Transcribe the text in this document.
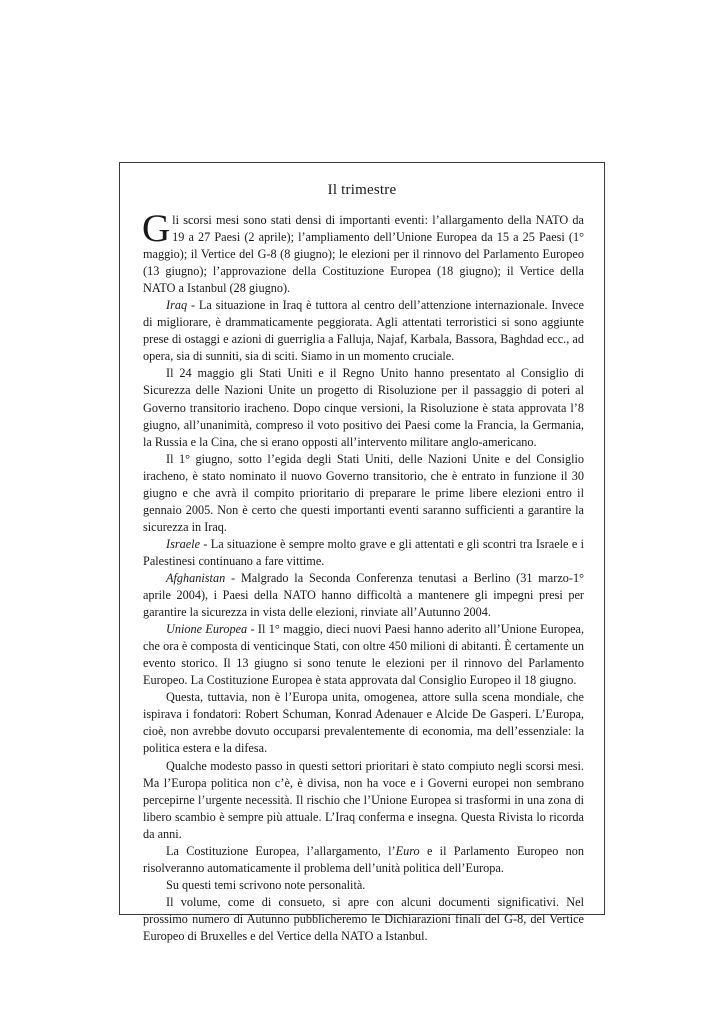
Il trimestre

Gli scorsi mesi sono stati densi di importanti eventi: l’allargamento della NATO da 19 a 27 Paesi (2 aprile); l’ampliamento dell’Unione Europea da 15 a 25 Paesi (1° maggio); il Vertice del G-8 (8 giugno); le elezioni per il rinnovo del Parlamento Europeo (13 giugno); l’approvazione della Costituzione Europea (18 giugno); il Vertice della NATO a Istanbul (28 giugno).

Iraq - La situazione in Iraq è tuttora al centro dell’attenzione internazionale. Invece di migliorare, è drammaticamente peggiorata. Agli attentati terroristici si sono aggiunte prese di ostaggi e azioni di guerriglia a Falluja, Najaf, Karbala, Bassora, Baghdad ecc., ad opera, sia di sunniti, sia di sciti. Siamo in un momento cruciale.

Il 24 maggio gli Stati Uniti e il Regno Unito hanno presentato al Consiglio di Sicurezza delle Nazioni Unite un progetto di Risoluzione per il passaggio di poteri al Governo transitorio iracheno. Dopo cinque versioni, la Risoluzione è stata approvata l’8 giugno, all’unanimità, compreso il voto positivo dei Paesi come la Francia, la Germania, la Russia e la Cina, che si erano opposti all’intervento militare anglo-americano.

Il 1° giugno, sotto l’egida degli Stati Uniti, delle Nazioni Unite e del Consiglio iracheno, è stato nominato il nuovo Governo transitorio, che è entrato in funzione il 30 giugno e che avrà il compito prioritario di preparare le prime libere elezioni entro il gennaio 2005. Non è certo che questi importanti eventi saranno sufficienti a garantire la sicurezza in Iraq.

Israele - La situazione è sempre molto grave e gli attentati e gli scontri tra Israele e i Palestinesi continuano a fare vittime.

Afghanistan - Malgrado la Seconda Conferenza tenutasi a Berlino (31 marzo-1° aprile 2004), i Paesi della NATO hanno difficoltà a mantenere gli impegni presi per garantire la sicurezza in vista delle elezioni, rinviate all’Autunno 2004.

Unione Europea - Il 1° maggio, dieci nuovi Paesi hanno aderito all’Unione Europea, che ora è composta di venticinque Stati, con oltre 450 milioni di abitanti. È certamente un evento storico. Il 13 giugno si sono tenute le elezioni per il rinnovo del Parlamento Europeo. La Costituzione Europea è stata approvata dal Consiglio Europeo il 18 giugno.

Questa, tuttavia, non è l’Europa unita, omogenea, attore sulla scena mondiale, che ispirava i fondatori: Robert Schuman, Konrad Adenauer e Alcide De Gasperi. L’Europa, cioè, non avrebbe dovuto occuparsi prevalentemente di economia, ma dell’essenziale: la politica estera e la difesa.

Qualche modesto passo in questi settori prioritari è stato compiuto negli scorsi mesi. Ma l’Europa politica non c’è, è divisa, non ha voce e i Governi europei non sembrano percepirne l’urgente necessità. Il rischio che l’Unione Europea si trasformi in una zona di libero scambio è sempre più attuale. L’Iraq conferma e insegna. Questa Rivista lo ricorda da anni.

La Costituzione Europea, l’allargamento, l’Euro e il Parlamento Europeo non risolveranno automaticamente il problema dell’unità politica dell’Europa.

Su questi temi scrivono note personalità.

Il volume, come di consueto, si apre con alcuni documenti significativi. Nel prossimo numero di Autunno pubblicheremo le Dichiarazioni finali del G-8, del Vertice Europeo di Bruxelles e del Vertice della NATO a Istanbul.
